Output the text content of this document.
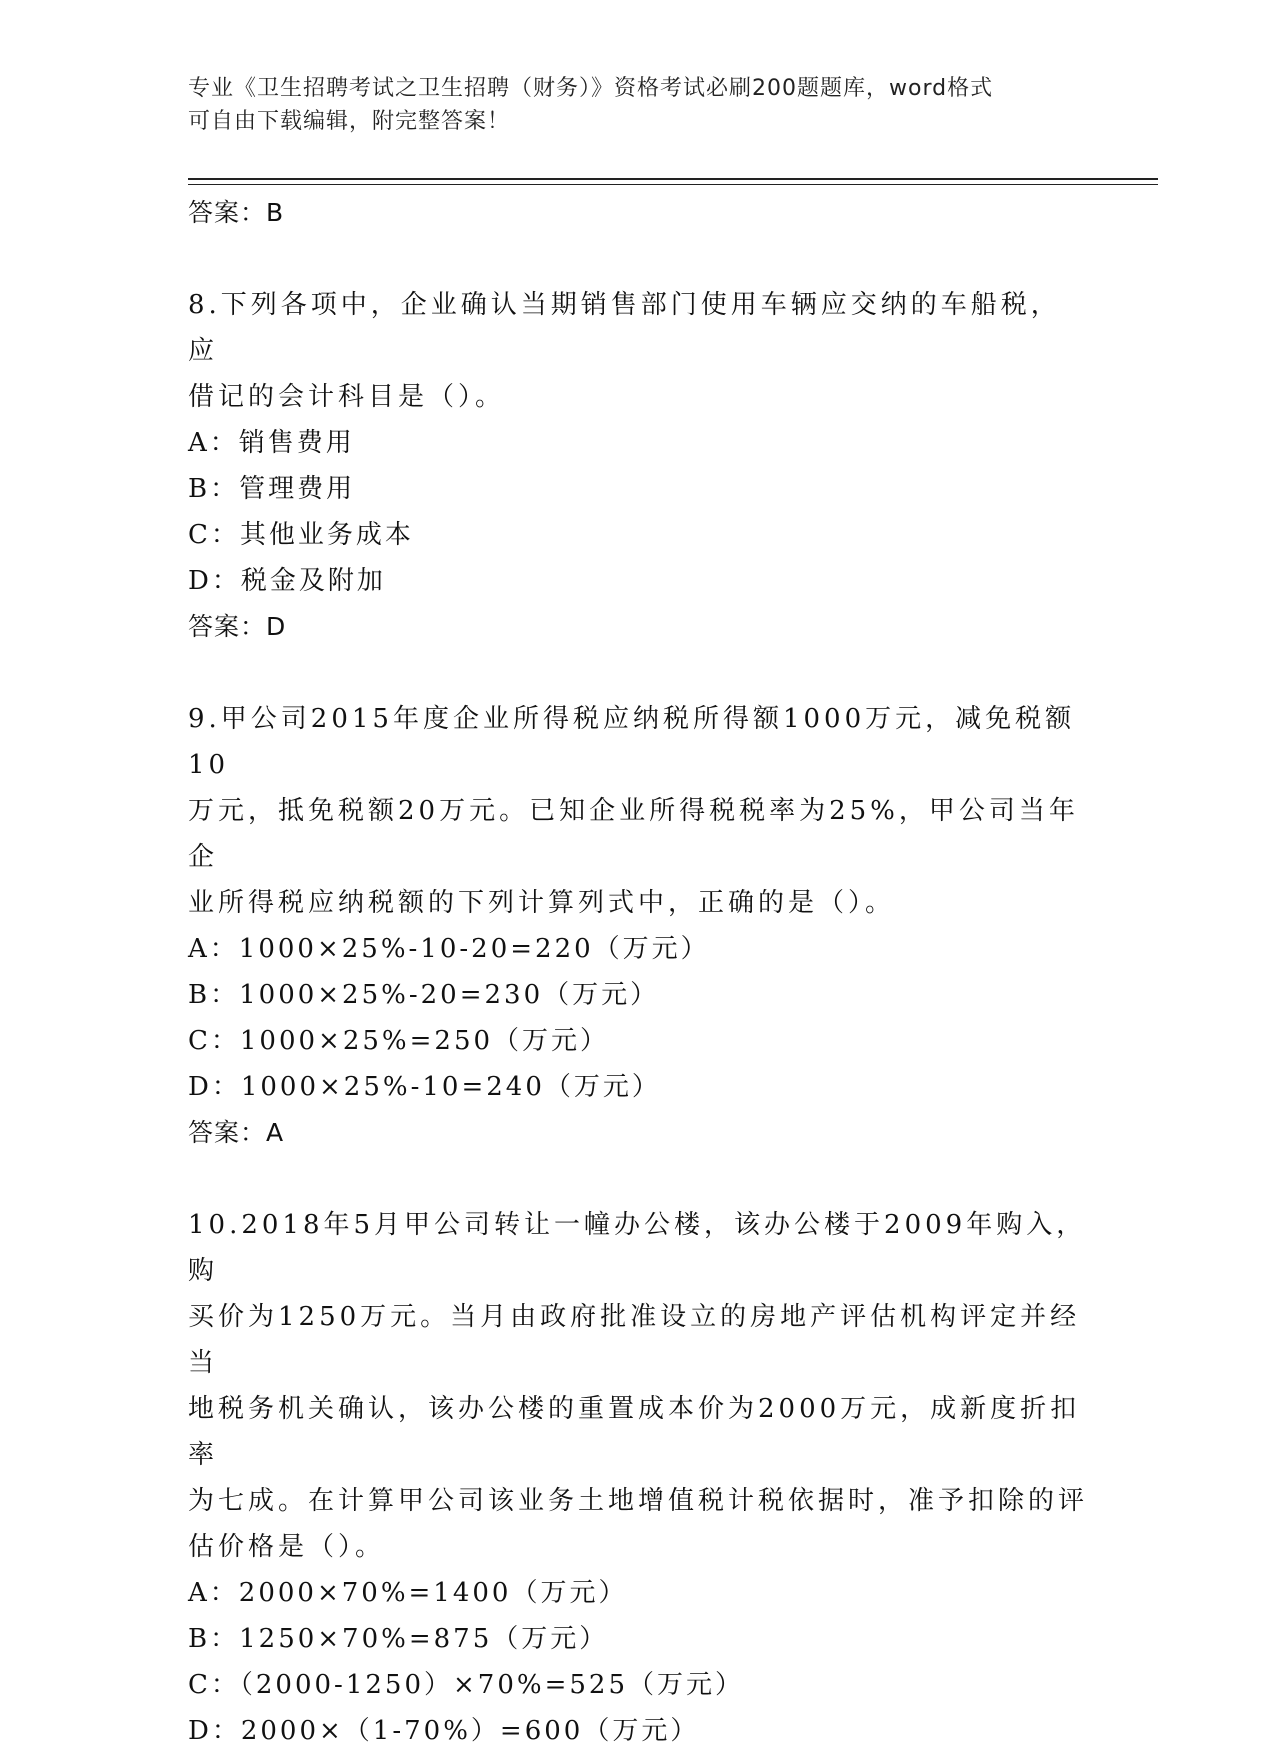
专业《卫生招聘考试之卫生招聘（财务）》资格考试必刷200题题库，word格式
可自由下载编辑，附完整答案！
答案：B
8.下列各项中，企业确认当期销售部门使用车辆应交纳的车船税，应
借记的会计科目是（）。
A：销售费用
B：管理费用
C：其他业务成本
D：税金及附加
答案：D
9.甲公司2015年度企业所得税应纳税所得额1000万元，减免税额10
万元，抵免税额20万元。已知企业所得税税率为25%，甲公司当年企
业所得税应纳税额的下列计算列式中，正确的是（）。
A：1000×25%-10-20=220（万元）
B：1000×25%-20=230（万元）
C：1000×25%=250（万元）
D：1000×25%-10=240（万元）
答案：A
10.2018年5月甲公司转让一幢办公楼，该办公楼于2009年购入，购
买价为1250万元。当月由政府批准设立的房地产评估机构评定并经当
地税务机关确认，该办公楼的重置成本价为2000万元，成新度折扣率
为七成。在计算甲公司该业务土地增值税计税依据时，准予扣除的评
估价格是（）。
A：2000×70%=1400（万元）
B：1250×70%=875（万元）
C：（2000-1250）×70%=525（万元）
D：2000×（1-70%）=600（万元）
